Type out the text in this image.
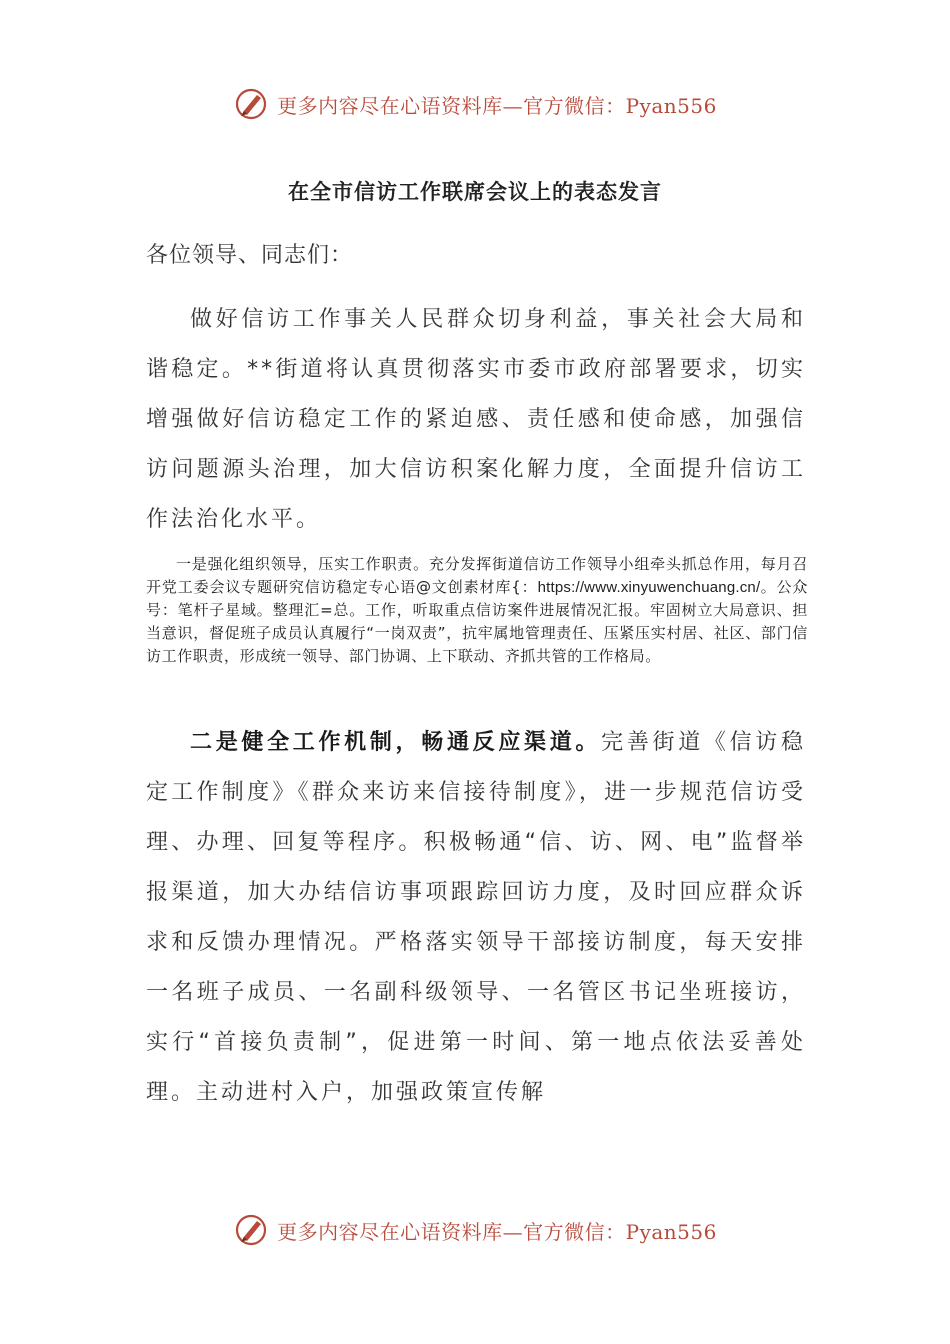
更多内容尽在心语资料库—官方微信：Pyan556
在全市信访工作联席会议上的表态发言
各位领导、同志们：

做好信访工作事关人民群众切身利益，事关社会大局和谐稳定。**街道将认真贯彻落实市委市政府部署要求，切实增强做好信访稳定工作的紧迫感、责任感和使命感，加强信访问题源头治理，加大信访积案化解力度，全面提升信访工作法治化水平。

一是强化组织领导，压实工作职责。充分发挥街道信访工作领导小组牵头抓总作用，每月召开党工委会议专题研究信访稳定专心语@文创素材库{：https://www.xinyuwenchuang.cn/。公众号：笔杆子星域。整理汇=总。工作，听取重点信访案件进展情况汇报。牢固树立大局意识、担当意识，督促班子成员认真履行“一岗双责”，抗牢属地管理责任、压紧压实村居、社区、部门信访工作职责，形成统一领导、部门协调、上下联动、齐抓共管的工作格局。

二是健全工作机制，畅通反应渠道。完善街道《信访稳定工作制度》《群众来访来信接待制度》，进一步规范信访受理、办理、回复等程序。积极畅通“信、访、网、电”监督举报渠道，加大办结信访事项跟踪回访力度，及时回应群众诉求和反馈办理情况。严格落实领导干部接访制度，每天安排一名班子成员、一名副科级领导、一名管区书记坐班接访，实行“首接负责制”，促进第一时间、第一地点依法妥善处理。主动进村入户，加强政策宣传解

更多内容尽在心语资料库—官方微信：Pyan556
